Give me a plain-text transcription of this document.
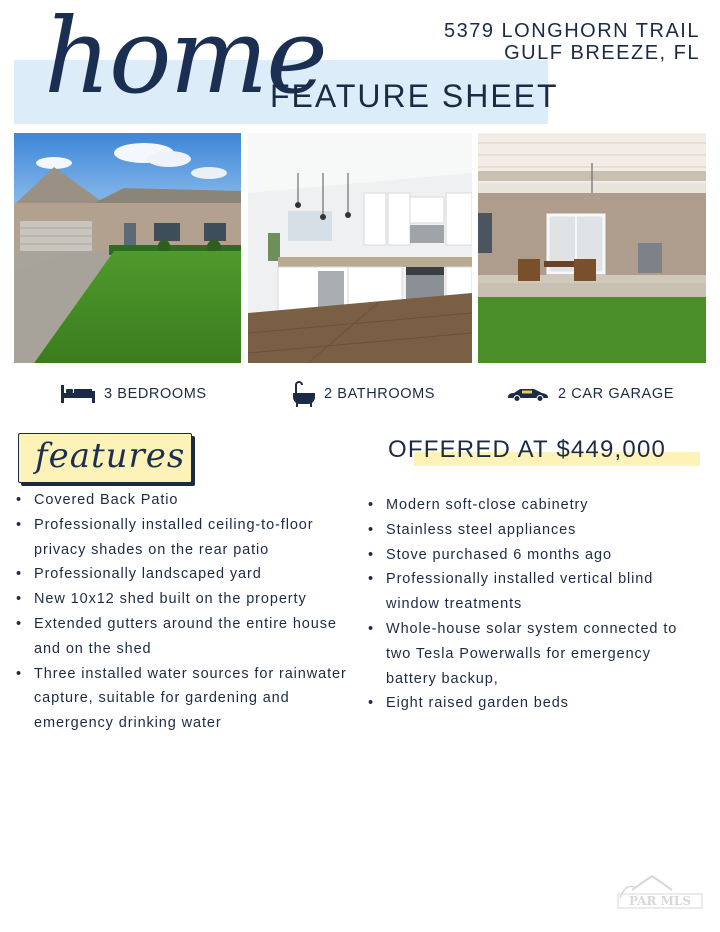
home
FEATURE SHEET
5379 LONGHORN TRAIL
GULF BREEZE, FL
3 BEDROOMS	2 BATHROOMS	2 CAR GARAGE
features	OFFERED AT $449,000
• Covered Back Patio
• Professionally installed ceiling-to-floor privacy shades on the rear patio
• Professionally landscaped yard
• New 10x12 shed built on the property
• Extended gutters around the entire house and on the shed
• Three installed water sources for rainwater capture, suitable for gardening and emergency drinking water
• Modern soft-close cabinetry
• Stainless steel appliances
• Stove purchased 6 months ago
• Professionally installed vertical blind window treatments
• Whole-house solar system connected to two Tesla Powerwalls for emergency battery backup,
• Eight raised garden beds
PAR MLS
